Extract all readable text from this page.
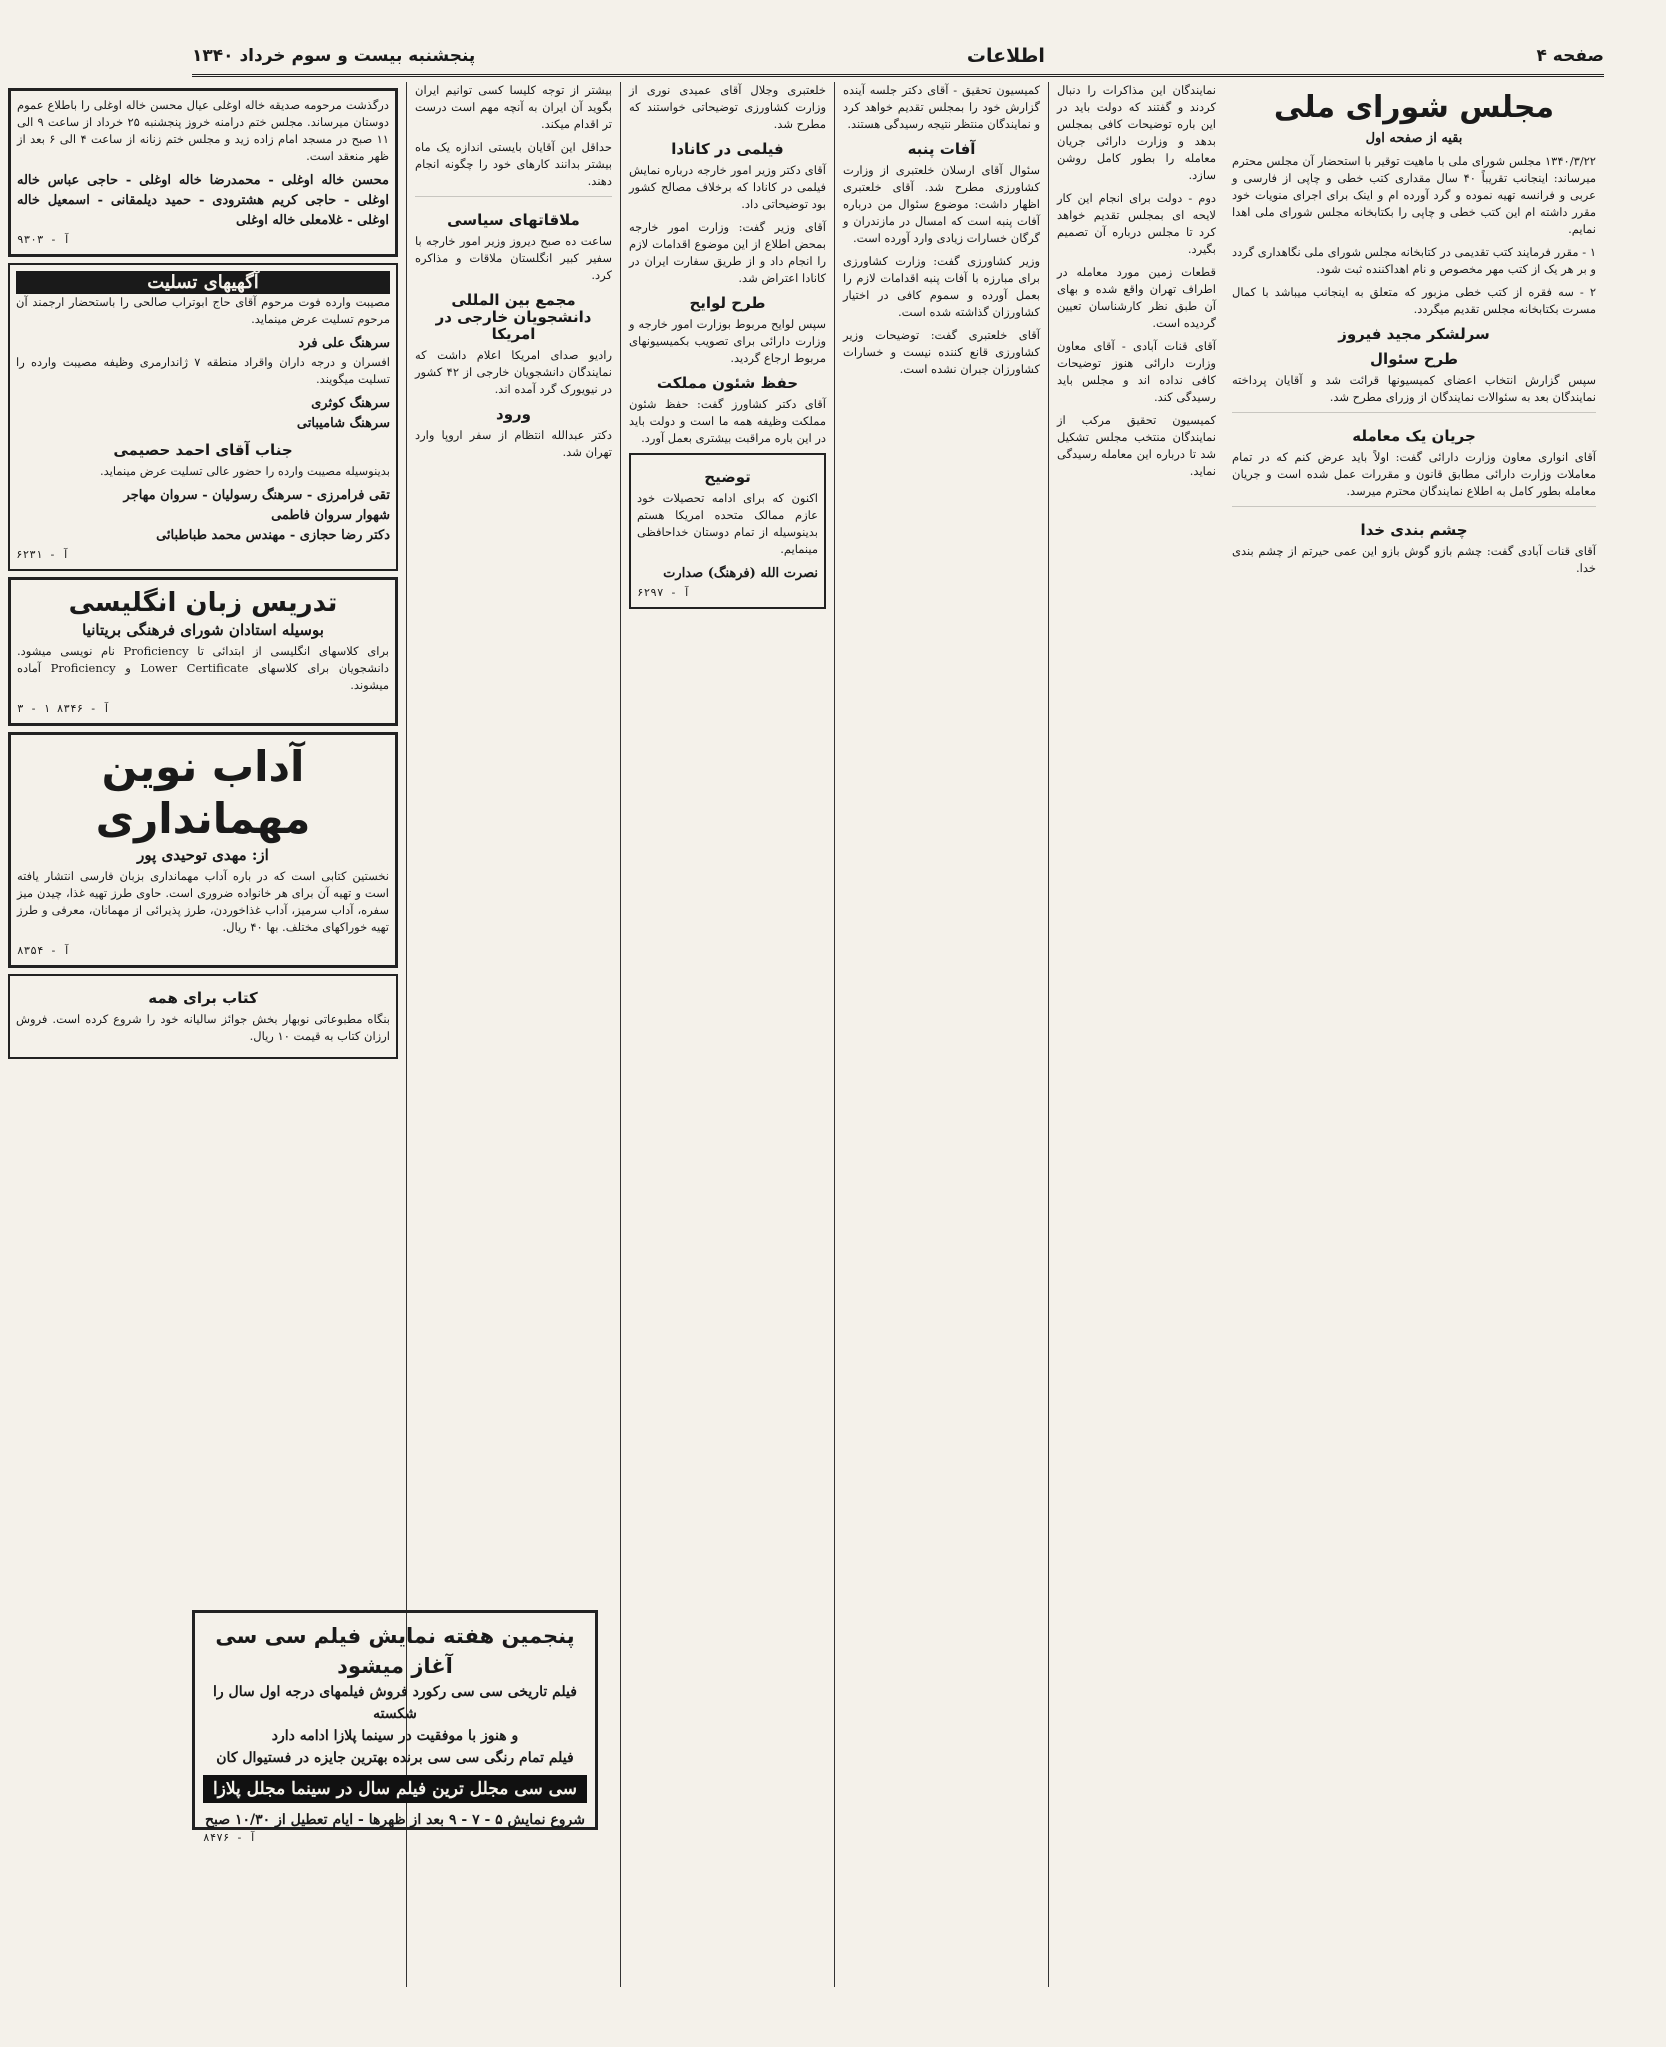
صفحه ۴
اطلاعات
پنجشنبه بیست و سوم خرداد ۱۳۴۰
مجلس شورای ملی
بقیه از صفحه اول

۱۳۴۰/۳/۲۲ مجلس شورای ملی با ماهیت توقیر با استحضار آن مجلس محترم میرساند: اینجانب تقریباً ۴۰ سال مقداری کتب خطی و چاپی از فارسی و عربی و فرانسه تهیه نموده و گرد آورده ام و اینک برای اجرای منویات خود مقرر داشته ام این کتب خطی و چاپی را بکتابخانه مجلس شورای ملی اهدا نمایم.

۱ - مقرر فرمایند کتب تقدیمی در کتابخانه مجلس شورای ملی نگاهداری گردد و بر هر یک از کتب مهر مخصوص و نام اهداکننده ثبت شود.

۲ - سه فقره از کتب خطی مزبور که متعلق به اینجانب میباشد با کمال مسرت بکتابخانه مجلس تقدیم میگردد.

سرلشکر مجید فیروز
طرح سئوال

سپس گزارش انتخاب اعضای کمیسیونها قرائت شد و آقایان پرداخته نمایندگان بعد به سئوالات نمایندگان از وزرای مطرح شد.

جریان یک معامله

آقای انواری معاون وزارت دارائی گفت: اولاً باید عرض کنم که در تمام معاملات وزارت دارائی مطابق قانون و مقررات عمل شده است و جریان معامله بطور کامل به اطلاع نمایندگان محترم میرسد.

چشم بندی خدا

آقای قنات آبادی گفت: چشم بازو گوش بازو این عمی حیرتم از چشم بندی خدا.

نمایندگان این مذاکرات را دنبال کردند و گفتند که دولت باید در این باره توضیحات کافی بمجلس بدهد و وزارت دارائی جریان معامله را بطور کامل روشن سازد.

دوم - دولت برای انجام این کار لایحه ای بمجلس تقدیم خواهد کرد تا مجلس درباره آن تصمیم بگیرد.

قطعات زمین مورد معامله در اطراف تهران واقع شده و بهای آن طبق نظر کارشناسان تعیین گردیده است.

آقای قنات آبادی - آقای معاون وزارت دارائی هنوز توضیحات کافی نداده اند و مجلس باید رسیدگی کند.

کمیسیون تحقیق مرکب از نمایندگان منتخب مجلس تشکیل شد تا درباره این معامله رسیدگی نماید.

کمیسیون تحقیق - آقای دکتر جلسه آینده گزارش خود را بمجلس تقدیم خواهد کرد و نمایندگان منتظر نتیجه رسیدگی هستند.

آفات پنبه

سئوال آقای ارسلان خلعتبری از وزارت کشاورزی مطرح شد. آقای خلعتبری اظهار داشت: موضوع سئوال من درباره آفات پنبه است که امسال در مازندران و گرگان خسارات زیادی وارد آورده است.

وزیر کشاورزی گفت: وزارت کشاورزی برای مبارزه با آفات پنبه اقدامات لازم را بعمل آورده و سموم کافی در اختیار کشاورزان گذاشته شده است.

آقای خلعتبری گفت: توضیحات وزیر کشاورزی قانع کننده نیست و خسارات کشاورزان جبران نشده است.

خلعتبری وجلال آقای عمیدی نوری از وزارت کشاورزی توضیحاتی خواستند که مطرح شد.

فیلمی در کانادا

آقای دکتر وزیر امور خارجه درباره نمایش فیلمی در کانادا که برخلاف مصالح کشور بود توضیحاتی داد.

آقای وزیر گفت: وزارت امور خارجه بمحض اطلاع از این موضوع اقدامات لازم را انجام داد و از طریق سفارت ایران در کانادا اعتراض شد.

طرح لوایح

سپس لوایح مربوط بوزارت امور خارجه و وزارت دارائی برای تصویب بکمیسیونهای مربوط ارجاع گردید.

حفظ شئون مملکت

آقای دکتر کشاورز گفت: حفظ شئون مملکت وظیفه همه ما است و دولت باید در این باره مراقبت بیشتری بعمل آورد.

توضیح

اکنون که برای ادامه تحصیلات خود عازم ممالک متحده امریکا هستم بدینوسیله از تمام دوستان خداحافظی مینمایم.

نصرت الله (فرهنگ) صدارت
۶۲۹۷ - آ

بیشتر از توجه کلیسا کسی توانیم ایران بگوید آن ایران به آنچه مهم است درست تر اقدام میکند.

حداقل این آقایان بایستی اندازه یک ماه بیشتر بدانند کارهای خود را چگونه انجام دهند.

ملاقاتهای سیاسی

ساعت ده صبح دیروز وزیر امور خارجه با سفیر کبیر انگلستان ملاقات و مذاکره کرد.

مجمع بین المللی دانشجویان خارجی در امریکا

رادیو صدای امریکا اعلام داشت که نمایندگان دانشجویان خارجی از ۴۲ کشور در نیویورک گرد آمده اند.

ورود

دکتر عبدالله انتظام از سفر اروپا وارد تهران شد.

درگذشت مرحومه صدیقه خاله اوغلی عیال محسن خاله اوغلی را باطلاع عموم دوستان میرساند. مجلس ختم درامنه خروز پنجشنبه ۲۵ خرداد از ساعت ۹ الی ۱۱ صبح در مسجد امام زاده زید و مجلس ختم زنانه از ساعت ۴ الی ۶ بعد از ظهر منعقد است.

محسن خاله اوغلی - محمدرضا خاله اوغلی - حاجی عباس خاله اوغلی - حاجی کریم هشترودی - حمید دیلمقانی - اسمعیل خاله اوغلی - غلامعلی خاله اوغلی
۹۳۰۳ - آ
آگهیهای تسلیت

مصیبت وارده فوت مرحوم آقای حاج ابوتراب صالحی را باستحضار ارجمند آن مرحوم تسلیت عرض مینماید.

سرهنگ علی فرد

افسران و درجه داران واقراد منطقه ۷ ژاندارمری وظیفه مصیبت وارده را تسلیت میگویند.

سرهنگ کوثری
سرهنگ شامیباتی
جناب آقای احمد حصیمی

بدینوسیله مصیبت وارده را حضور عالی تسلیت عرض مینماید.

تقی فرامرزی - سرهنگ رسولیان - سروان مهاجر
شهوار سروان فاطمی
دکتر رضا حجازی - مهندس محمد طباطبائی
۶۲۳۱ - آ
تدریس زبان انگلیسی
بوسیله استادان شورای فرهنگی بریتانیا

برای کلاسهای انگلیسی از ابتدائی تا Proficiency نام نویسی میشود. دانشجویان برای کلاسهای Lower Certificate و Proficiency آماده میشوند.

۳ - ۱ آ - ۸۳۴۶
آداب نوین مهمانداری
از: مهدی توحیدی پور

نخستین کتابی است که در باره آداب مهمانداری بزبان فارسی انتشار یافته است و تهیه آن برای هر خانواده ضروری است. حاوی طرز تهیه غذا، چیدن میز سفره، آداب سرمیز، آداب غذاخوردن، طرز پذیرائی از مهمانان، معرفی و طرز تهیه خوراکهای مختلف. بها ۴۰ ریال.

۸۳۵۴ - آ
کتاب برای همه

بنگاه مطبوعاتی نوبهار بخش جوائز سالیانه خود را شروع کرده است. فروش ارزان کتاب به قیمت ۱۰ ریال.

پنجمین هفته نمایش فیلم سی سی آغاز میشود
فیلم تاریخی سی سی رکورد فروش فیلمهای درجه اول سال را شکسته
و هنوز با موفقیت در سینما پلازا ادامه دارد
فیلم تمام رنگی سی سی برنده بهترین جایزه در فستیوال کان
سی سی مجلل ترین فیلم سال در سینما مجلل پلازا
شروع نمایش ۵ - ۷ - ۹ بعد از ظهرها - ایام تعطیل از ۱۰/۳۰ صبح
۸۴۷۶ - آ
